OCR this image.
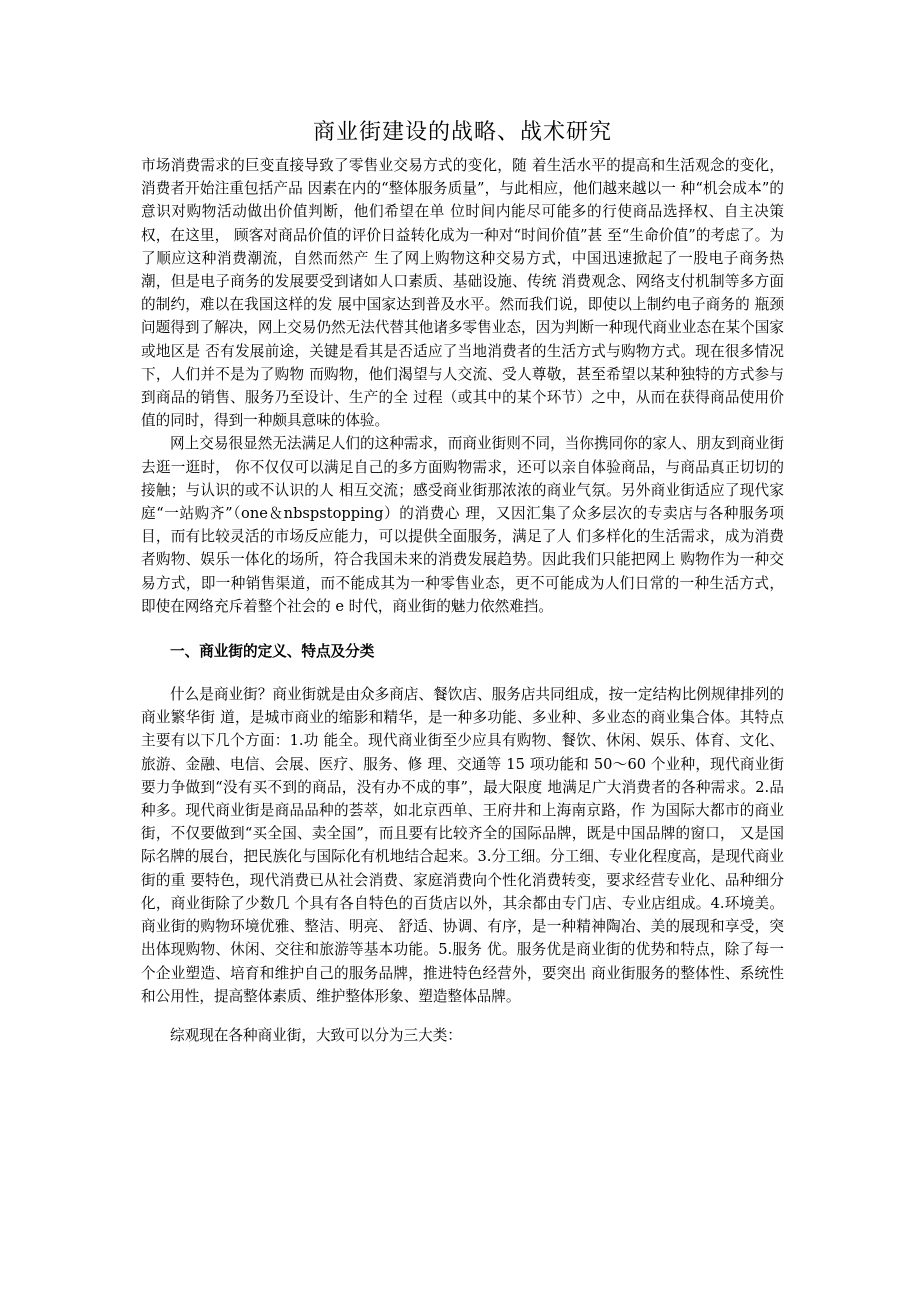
商业街建设的战略、战术研究

市场消费需求的巨变直接导致了零售业交易方式的变化，随 着生活水平的提高和生活观念的变化，消费者开始注重包括产品 因素在内的“整体服务质量”，与此相应，他们越来越以一 种“机会成本”的意识对购物活动做出价值判断，他们希望在单 位时间内能尽可能多的行使商品选择权、自主决策权，在这里， 顾客对商品价值的评价日益转化成为一种对“时间价值”甚 至“生命价值”的考虑了。为了顺应这种消费潮流，自然而然产 生了网上购物这种交易方式，中国迅速掀起了一股电子商务热 潮，但是电子商务的发展要受到诸如人口素质、基础设施、传统 消费观念、网络支付机制等多方面的制约，难以在我国这样的发 展中国家达到普及水平。然而我们说，即使以上制约电子商务的 瓶颈问题得到了解决，网上交易仍然无法代替其他诸多零售业态，因为判断一种现代商业业态在某个国家或地区是 否有发展前途，关键是看其是否适应了当地消费者的生活方式与购物方式。现在很多情况下，人们并不是为了购物 而购物，他们渴望与人交流、受人尊敬，甚至希望以某种独特的方式参与到商品的销售、服务乃至设计、生产的全 过程（或其中的某个环节）之中，从而在获得商品使用价值的同时，得到一种颇具意味的体验。

网上交易很显然无法满足人们的这种需求，而商业街则不同，当你携同你的家人、朋友到商业街去逛一逛时， 你不仅仅可以满足自己的多方面购物需求，还可以亲自体验商品，与商品真正切切的接触；与认识的或不认识的人 相互交流；感受商业街那浓浓的商业气氛。另外商业街适应了现代家庭“一站购齐”（one＆nbspstopping）的消费心 理，又因汇集了众多层次的专卖店与各种服务项目，而有比较灵活的市场反应能力，可以提供全面服务，满足了人 们多样化的生活需求，成为消费者购物、娱乐一体化的场所，符合我国未来的消费发展趋势。因此我们只能把网上 购物作为一种交易方式，即一种销售渠道，而不能成其为一种零售业态，更不可能成为人们日常的一种生活方式， 即使在网络充斥着整个社会的 e 时代，商业街的魅力依然难挡。

一、商业街的定义、特点及分类

什么是商业街？商业街就是由众多商店、餐饮店、服务店共同组成，按一定结构比例规律排列的商业繁华街 道，是城市商业的缩影和精华，是一种多功能、多业种、多业态的商业集合体。其特点主要有以下几个方面：1.功 能全。现代商业街至少应具有购物、餐饮、休闲、娱乐、体育、文化、旅游、金融、电信、会展、医疗、服务、修 理、交通等 15 项功能和 50～60 个业种，现代商业街要力争做到“没有买不到的商品，没有办不成的事”，最大限度 地满足广大消费者的各种需求。2.品种多。现代商业街是商品品种的荟萃，如北京西单、王府井和上海南京路，作 为国际大都市的商业街，不仅要做到“买全国、卖全国”，而且要有比较齐全的国际品牌，既是中国品牌的窗口， 又是国际名牌的展台，把民族化与国际化有机地结合起来。3.分工细。分工细、专业化程度高，是现代商业街的重 要特色，现代消费已从社会消费、家庭消费向个性化消费转变，要求经营专业化、品种细分化，商业街除了少数几 个具有各自特色的百货店以外，其余都由专门店、专业店组成。4.环境美。商业街的购物环境优雅、整洁、明亮、 舒适、协调、有序，是一种精神陶冶、美的展现和享受，突出体现购物、休闲、交往和旅游等基本功能。5.服务 优。服务优是商业街的优势和特点，除了每一个企业塑造、培育和维护自己的服务品牌，推进特色经营外，要突出 商业街服务的整体性、系统性和公用性，提高整体素质、维护整体形象、塑造整体品牌。

综观现在各种商业街，大致可以分为三大类：
